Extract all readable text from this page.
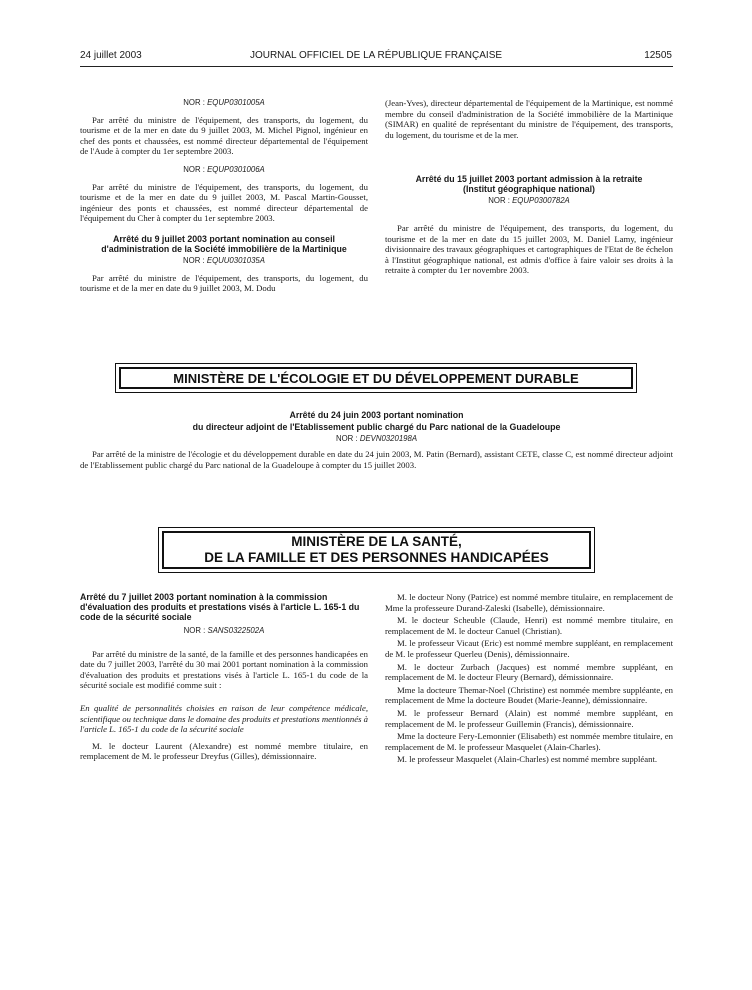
24 juillet 2003	JOURNAL OFFICIEL DE LA RÉPUBLIQUE FRANÇAISE	12505
NOR : EQUP0301005A

Par arrêté du ministre de l'équipement, des transports, du logement, du tourisme et de la mer en date du 9 juillet 2003, M. Michel Pignol, ingénieur en chef des ponts et chaussées, est nommé directeur départemental de l'équipement de l'Aude à compter du 1er septembre 2003.

NOR : EQUP0301006A

Par arrêté du ministre de l'équipement, des transports, du logement, du tourisme et de la mer en date du 9 juillet 2003, M. Pascal Martin-Gousset, ingénieur des ponts et chaussées, est nommé directeur départemental de l'équipement du Cher à compter du 1er septembre 2003.

Arrêté du 9 juillet 2003 portant nomination au conseil d'administration de la Société immobilière de la Martinique
NOR : EQUU0301035A

Par arrêté du ministre de l'équipement, des transports, du logement, du tourisme et de la mer en date du 9 juillet 2003, M. Dodu

(Jean-Yves), directeur départemental de l'équipement de la Martinique, est nommé membre du conseil d'administration de la Société immobilière de la Martinique (SIMAR) en qualité de représentant du ministre de l'équipement, des transports, du logement, du tourisme et de la mer.

Arrêté du 15 juillet 2003 portant admission à la retraite (Institut géographique national)
NOR : EQUP0300782A

Par arrêté du ministre de l'équipement, des transports, du logement, du tourisme et de la mer en date du 15 juillet 2003, M. Daniel Lamy, ingénieur divisionnaire des travaux géographiques et cartographiques de l'Etat de 8e échelon à l'Institut géographique national, est admis d'office à faire valoir ses droits à la retraite à compter du 1er novembre 2003.

MINISTÈRE DE L'ÉCOLOGIE ET DU DÉVELOPPEMENT DURABLE
Arrêté du 24 juin 2003 portant nomination
du directeur adjoint de l'Etablissement public chargé du Parc national de la Guadeloupe
NOR : DEVN0320198A

Par arrêté de la ministre de l'écologie et du développement durable en date du 24 juin 2003, M. Patin (Bernard), assistant CETE, classe C, est nommé directeur adjoint de l'Etablissement public chargé du Parc national de la Guadeloupe à compter du 15 juillet 2003.

MINISTÈRE DE LA SANTÉ,
DE LA FAMILLE ET DES PERSONNES HANDICAPÉES
Arrêté du 7 juillet 2003 portant nomination à la commission d'évaluation des produits et prestations visés à l'article L. 165-1 du code de la sécurité sociale
NOR : SANS0322502A

Par arrêté du ministre de la santé, de la famille et des personnes handicapées en date du 7 juillet 2003, l'arrêté du 30 mai 2001 portant nomination à la commission d'évaluation des produits et prestations visés à l'article L. 165-1 du code de la sécurité sociale est modifié comme suit :

En qualité de personnalités choisies en raison de leur compétence médicale, scientifique ou technique dans le domaine des produits et prestations mentionnés à l'article L. 165-1 du code de la sécurité sociale

M. le docteur Laurent (Alexandre) est nommé membre titulaire, en remplacement de M. le professeur Dreyfus (Gilles), démissionnaire.

M. le docteur Nony (Patrice) est nommé membre titulaire, en remplacement de Mme la professeure Durand-Zaleski (Isabelle), démissionnaire.

M. le docteur Scheuble (Claude, Henri) est nommé membre titulaire, en remplacement de M. le docteur Canuel (Christian).

M. le professeur Vicaut (Eric) est nommé membre suppléant, en remplacement de M. le professeur Querleu (Denis), démissionnaire.

M. le docteur Zurbach (Jacques) est nommé membre suppléant, en remplacement de M. le docteur Fleury (Bernard), démissionnaire.

Mme la docteure Themar-Noel (Christine) est nommée membre suppléante, en remplacement de Mme la docteure Boudet (Marie-Jeanne), démissionnaire.

M. le professeur Bernard (Alain) est nommé membre suppléant, en remplacement de M. le professeur Guillemin (Francis), démissionnaire.

Mme la docteure Fery-Lemonnier (Elisabeth) est nommée membre titulaire, en remplacement de M. le professeur Masquelet (Alain-Charles).

M. le professeur Masquelet (Alain-Charles) est nommé membre suppléant.
